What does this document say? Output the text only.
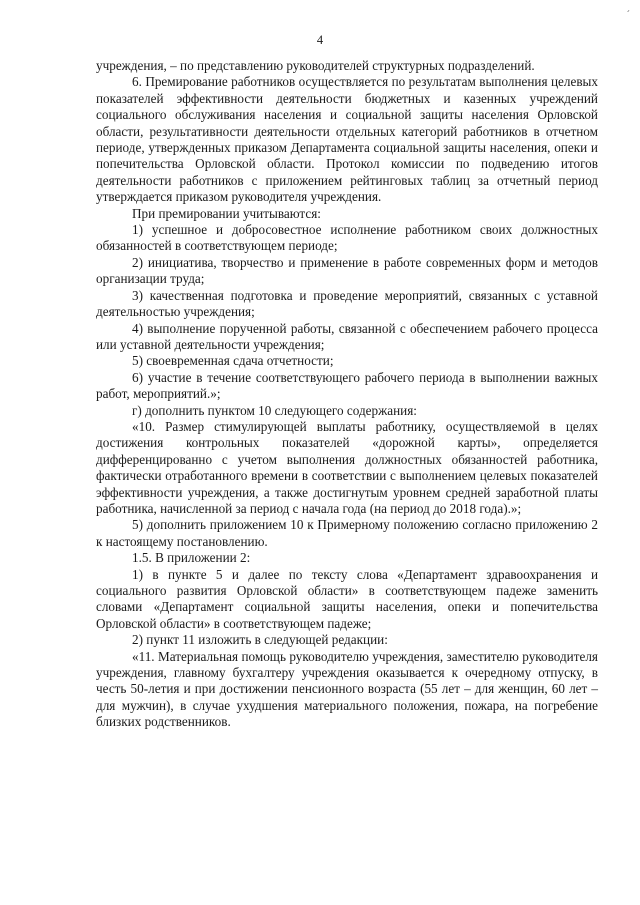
4
´

учреждения, – по представлению руководителей структурных подразделений.

6. Премирование работников осуществляется по результатам выполнения целевых показателей эффективности деятельности бюджетных и казенных учреждений социального обслуживания населения и социальной защиты населения Орловской области, результативности деятельности отдельных категорий работников в отчетном периоде, утвержденных приказом Департамента социальной защиты населения, опеки и попечительства Орловской области. Протокол комиссии по подведению итогов деятельности работников с приложением рейтинговых таблиц за отчетный период утверждается приказом руководителя учреждения.

При премировании учитываются:

1) успешное и добросовестное исполнение работником своих должностных обязанностей в соответствующем периоде;

2) инициатива, творчество и применение в работе современных форм и методов организации труда;

3) качественная подготовка и проведение мероприятий, связанных с уставной деятельностью учреждения;

4) выполнение порученной работы, связанной с обеспечением рабочего процесса или уставной деятельности учреждения;

5) своевременная сдача отчетности;

6) участие в течение соответствующего рабочего периода в выполнении важных работ, мероприятий.»;

г) дополнить пунктом 10 следующего содержания:

«10. Размер стимулирующей выплаты работнику, осуществляемой в целях достижения контрольных показателей «дорожной карты», определяется дифференцированно с учетом выполнения должностных обязанностей работника, фактически отработанного времени в соответствии с выполнением целевых показателей эффективности учреждения, а также достигнутым уровнем средней заработной платы работника, начисленной за период с начала года (на период до 2018 года).»;

5) дополнить приложением 10 к Примерному положению согласно приложению 2 к настоящему постановлению.

1.5. В приложении 2:

1) в пункте 5 и далее по тексту слова «Департамент здравоохранения и социального развития Орловской области» в соответствующем падеже заменить словами «Департамент социальной защиты населения, опеки и попечительства Орловской области» в соответствующем падеже;

2) пункт 11 изложить в следующей редакции:

«11. Материальная помощь руководителю учреждения, заместителю руководителя учреждения, главному бухгалтеру учреждения оказывается к очередному отпуску, в честь 50-летия и при достижении пенсионного возраста (55 лет – для женщин, 60 лет – для мужчин), в случае ухудшения материального положения, пожара, на погребение близких родственников.
